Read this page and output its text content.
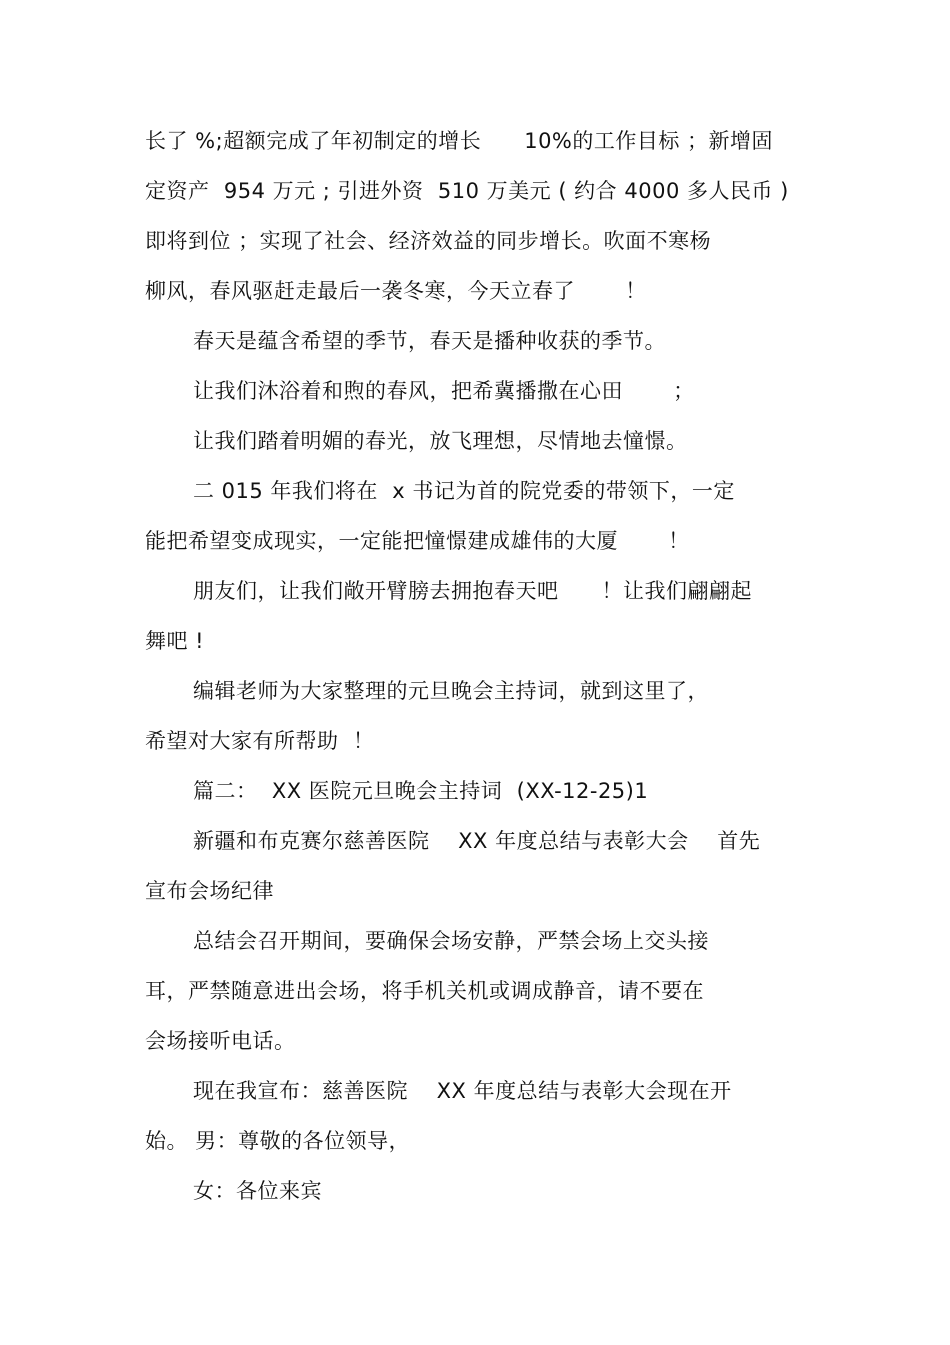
长了 %;超额完成了年初制定的增长　　10%的工作目标 ；新增固
定资产  954 万元 ; 引进外资  510 万美元 ( 约合 4000 多人民币 )
即将到位 ；实现了社会、经济效益的同步增长。吹面不寒杨
柳风，春风驱赶走最后一袭冬寒，今天立春了　　 ！
春天是蕴含希望的季节，春天是播种收获的季节。
让我们沐浴着和煦的春风，把希冀播撒在心田　　 ；
让我们踏着明媚的春光，放飞理想，尽情地去憧憬。
二 015 年我们将在  x 书记为首的院党委的带领下，一定
能把希望变成现实，一定能把憧憬建成雄伟的大厦　　 ！
朋友们，让我们敞开臂膀去拥抱春天吧　　！让我们翩翩起
舞吧 !
编辑老师为大家整理的元旦晚会主持词，就到这里了，
希望对大家有所帮助  ！
篇二：  XX 医院元旦晚会主持词  (XX-12-25)1
新疆和布克赛尔慈善医院　 XX 年度总结与表彰大会　 首先
宣布会场纪律
总结会召开期间，要确保会场安静，严禁会场上交头接
耳，严禁随意进出会场，将手机关机或调成静音，请不要在
会场接听电话。
现在我宣布：慈善医院　 XX 年度总结与表彰大会现在开
始。 男：尊敬的各位领导，
女：各位来宾
